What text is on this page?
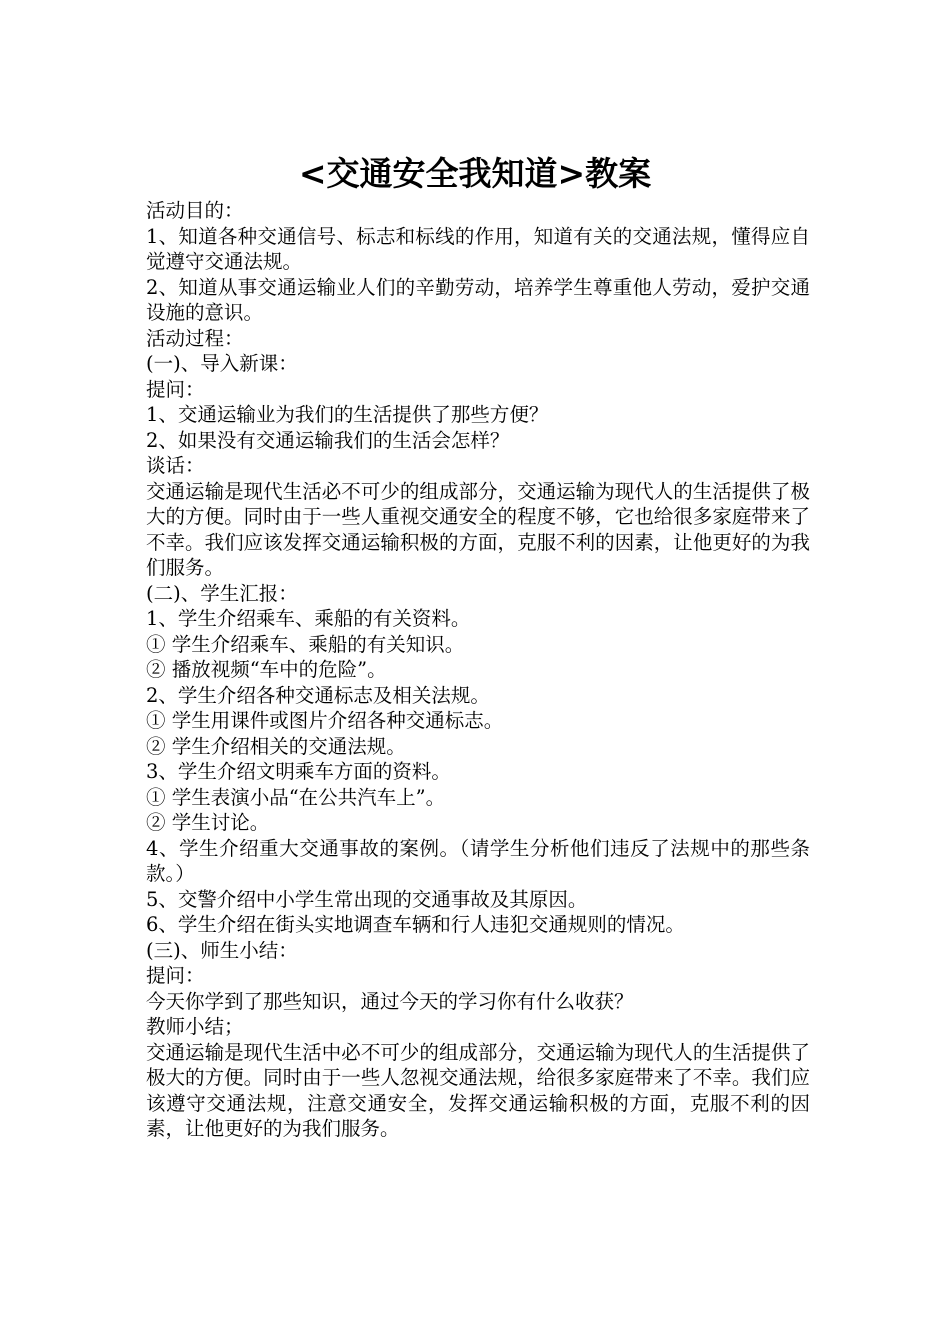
<交通安全我知道>教案
活动目的：
1、知道各种交通信号、标志和标线的作用，知道有关的交通法规，懂得应自觉遵守交通法规。
2、知道从事交通运输业人们的辛勤劳动，培养学生尊重他人劳动，爱护交通设施的意识。
活动过程：
(一)、导入新课：
提问：
1、交通运输业为我们的生活提供了那些方便？
2、如果没有交通运输我们的生活会怎样？
谈话：
交通运输是现代生活必不可少的组成部分，交通运输为现代人的生活提供了极大的方便。同时由于一些人重视交通安全的程度不够，它也给很多家庭带来了不幸。我们应该发挥交通运输积极的方面，克服不利的因素，让他更好的为我们服务。
(二)、学生汇报：
1、学生介绍乘车、乘船的有关资料。
① 学生介绍乘车、乘船的有关知识。
② 播放视频“车中的危险”。
2、学生介绍各种交通标志及相关法规。
① 学生用课件或图片介绍各种交通标志。
② 学生介绍相关的交通法规。
3、学生介绍文明乘车方面的资料。
① 学生表演小品“在公共汽车上”。
② 学生讨论。
4、学生介绍重大交通事故的案例。（请学生分析他们违反了法规中的那些条款。）
5、交警介绍中小学生常出现的交通事故及其原因。
6、学生介绍在街头实地调查车辆和行人违犯交通规则的情况。
(三)、师生小结：
提问：
今天你学到了那些知识，通过今天的学习你有什么收获？
教师小结；
交通运输是现代生活中必不可少的组成部分，交通运输为现代人的生活提供了极大的方便。同时由于一些人忽视交通法规，给很多家庭带来了不幸。我们应该遵守交通法规，注意交通安全，发挥交通运输积极的方面，克服不利的因素，让他更好的为我们服务。
